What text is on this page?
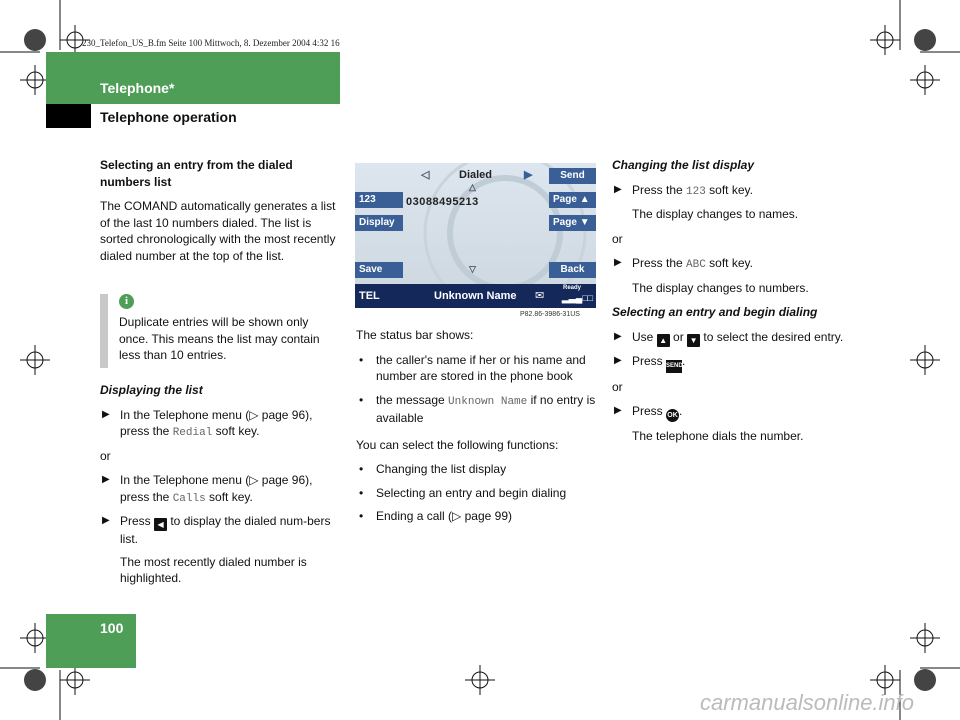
230_Telefon_US_B.fm Seite 100 Mittwoch, 8. Dezember 2004 4:32 16
Telephone*
Telephone operation

Selecting an entry from the dialed numbers list

The COMAND automatically generates a list of the last 10 numbers dialed. The list is sorted chronologically with the most recently dialed number at the top of the list.

i
Duplicate entries will be shown only once. This means the list may contain less than 10 entries.

Displaying the list

▶ In the Telephone menu (▷ page 96),
press the Redial soft key.

or

▶ In the Telephone menu (▷ page 96),
press the Calls soft key.
▶ Press ◀ to display the dialed num-bers list.
The most recently dialed number is highlighted.
◁	Dialed	▶
△
Send
123	03088495213	Page ▲
Display	Page ▼
Save	▽	Back
TEL	Unknown Name ✉
Ready
▂▃▄□□
P82.86-3986-31US

The status bar shows:

• the caller's name if her or his name and number are stored in the phone book
• the message Unknown Name if no entry is available

You can select the following functions:

• Changing the list display
• Selecting an entry and begin dialing
• Ending a call (▷ page 99)

Changing the list display

▶ Press the 123 soft key.

The display changes to names.

or

▶ Press the ABC soft key.

The display changes to numbers.

Selecting an entry and begin dialing

▶ Use ▲ or ▼ to select the desired entry.
▶ Press SEND.

or

▶ Press OK.

The telephone dials the number.

100
carmanualsonline.info
